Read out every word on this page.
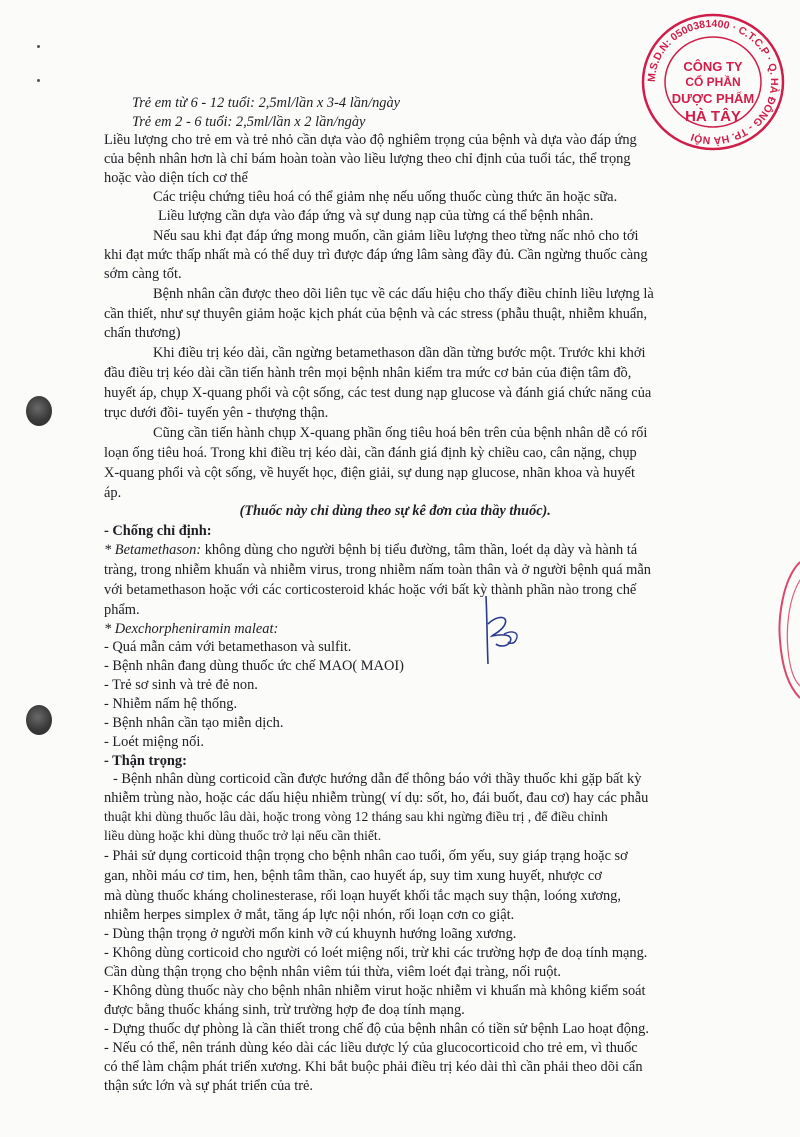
M.S.D.N: 0500381400 · C.T.C.P · Q. HÀ ĐÔNG - TP. HÀ NỘI
CÔNG TY
CỔ PHẦN
DƯỢC PHẨM
HÀ TÂY
Trẻ em từ 6 - 12 tuổi: 2,5ml/lần x 3-4 lần/ngày
Trẻ em 2 - 6 tuổi: 2,5ml/lần x 2 lần/ngày
Liều lượng cho trẻ em và trẻ nhỏ cần dựa vào độ nghiêm trọng của bệnh và dựa vào đáp ứng
của bệnh nhân hơn là chỉ bám hoàn toàn vào liều lượng theo chỉ định của tuổi tác, thể trọng
hoặc vào diện tích cơ thể
Các triệu chứng tiêu hoá có thể giảm nhẹ nếu uống thuốc cùng thức ăn hoặc sữa.
Liều lượng cần dựa vào đáp ứng và sự dung nạp của từng cá thể bệnh nhân.
Nếu sau khi đạt đáp ứng mong muốn, cần giảm liều lượng theo từng nấc nhỏ cho tới
khi đạt mức thấp nhất mà có thể duy trì được đáp ứng lâm sàng đầy đủ. Cần ngừng thuốc càng
sớm càng tốt.
Bệnh nhân cần được theo dõi liên tục về các dấu hiệu cho thấy điều chỉnh liều lượng là
cần thiết, như sự thuyên giảm hoặc kịch phát của bệnh và các stress (phẫu thuật, nhiễm khuẩn,
chấn thương)
Khi điều trị kéo dài, cần ngừng betamethason dần dần từng bước một. Trước khi khởi
đầu điều trị kéo dài cần tiến hành trên mọi bệnh nhân kiểm tra mức cơ bản của điện tâm đồ,
huyết áp, chụp X-quang phổi và cột sống, các test dung nạp glucose và đánh giá chức năng của
trục dưới đồi- tuyến yên - thượng thận.
Cũng cần tiến hành chụp X-quang phần ống tiêu hoá bên trên của bệnh nhân dễ có rối
loạn ống tiêu hoá. Trong khi điều trị kéo dài, cần đánh giá định kỳ chiều cao, cân nặng, chụp
X-quang phổi và cột sống, về huyết học, điện giải, sự dung nạp glucose, nhãn khoa và huyết
áp.
(Thuốc này chỉ dùng theo sự kê đơn của thầy thuốc).
- Chống chỉ định:
* Betamethason: không dùng cho người bệnh bị tiểu đường, tâm thần, loét dạ dày và hành tá
tràng, trong nhiễm khuẩn và nhiễm virus, trong nhiễm nấm toàn thân và ở người bệnh quá mẫn
với betamethason hoặc với các corticosteroid khác hoặc với bất kỳ thành phần nào trong chế
phẩm.
* Dexchorpheniramin maleat:
- Quá mẫn cảm với betamethason và sulfit.
- Bệnh nhân đang dùng thuốc ức chế MAO( MAOI)
- Trẻ sơ sinh và trẻ đẻ non.
- Nhiễm nấm hệ thống.
- Bệnh nhân cần tạo miễn dịch.
- Loét miệng nối.
- Thận trọng:
- Bệnh nhân dùng corticoid cần được hướng dẫn để thông báo với thầy thuốc khi gặp bất kỳ
nhiễm trùng nào, hoặc các dấu hiệu nhiễm trùng( ví dụ: sốt, ho, đái buốt, đau cơ) hay các phẫu
thuật khi dùng thuốc lâu dài, hoặc trong vòng 12 tháng sau khi ngừng điều trị , để điều chỉnh
liều dùng hoặc khi dùng thuốc trở lại nếu cần thiết.
- Phải sử dụng corticoid thận trọng cho bệnh nhân cao tuổi, ốm yếu, suy giáp trạng hoặc sơ
gan, nhồi máu cơ tim, hen, bệnh tâm thần, cao huyết áp, suy tim xung huyết, nhược cơ
mà dùng thuốc kháng cholinesterase, rối loạn huyết khối tắc mạch suy thận, loóng xương,
nhiễm herpes simplex ở mắt, tăng áp lực nội nhón, rối loạn cơn co giật.
- Dùng thận trọng ở người mổn kinh vỡ cú khuynh hướng loãng xương.
- Không dùng corticoid cho người có loét miệng nối, trừ khi các trường hợp đe doạ tính mạng.
Cần dùng thận trọng cho bệnh nhân viêm túi thừa, viêm loét đại tràng, nối ruột.
- Không dùng thuốc này cho bệnh nhân nhiễm virut hoặc nhiễm vi khuẩn mà không kiểm soát
được bằng thuốc kháng sinh, trừ trường hợp đe doạ tính mạng.
- Dựng thuốc dự phòng là cần thiết trong chế độ của bệnh nhân có tiền sử bệnh Lao hoạt động.
- Nếu có thể, nên tránh dùng kéo dài các liều dược lý của glucocorticoid cho trẻ em, vì thuốc
có thể làm chậm phát triển xương. Khi bắt buộc phải điều trị kéo dài thì cần phải theo dõi cẩn
thận sức lớn và sự phát triển của trẻ.
